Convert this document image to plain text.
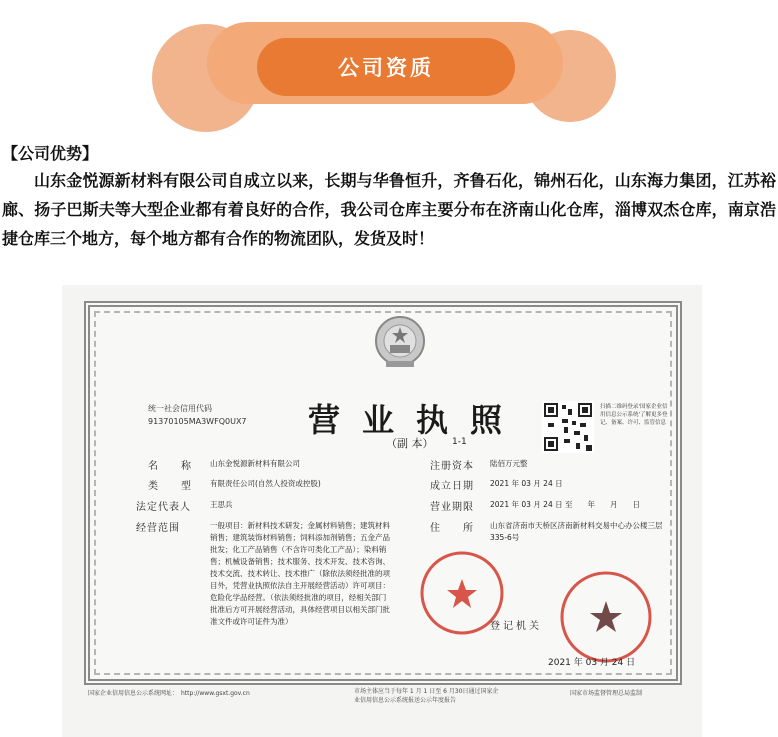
公司资质
【公司优势】
山东金悦源新材料有限公司自成立以来，长期与华鲁恒升，齐鲁石化，锦州石化，山东海力集团，江苏裕廊、扬子巴斯夫等大型企业都有着良好的合作，我公司仓库主要分布在济南山化仓库，淄博双杰仓库，南京浩捷仓库三个地方，每个地方都有合作的物流团队，发货及时！
统一社会信用代码
91370105MA3WFQ0UX7 营业执照
（副 本） 1-1
扫描二维码登录'国家企业信用信息公示系统'了解更多登记、备案、许可、监管信息
名　　称 山东金悦源新材料有限公司
类　　型 有限责任公司(自然人投资或控股)
法定代表人	王思兵
经营范围	一般项目：新材料技术研发；金属材料销售；建筑材料销售；建筑装饰材料销售；饲料添加剂销售；五金产品批发；化工产品销售（不含许可类化工产品）；染料销售；机械设备销售；技术服务、技术开发、技术咨询、技术交流、技术转让、技术推广（除依法须经批准的项目外，凭营业执照依法自主开展经营活动）许可项目：危险化学品经营。（依法须经批准的项目，经相关部门批准后方可开展经营活动，具体经营项目以相关部门批准文件或许可证件为准）
注册资本 陆佰万元整
成立日期 2021 年 03 月 24 日
营业期限 2021 年 03 月 24 日 至　　年　　月　　日
住　　所 山东省济南市天桥区济南新材料交易中心办公楼三层335-6号
登记机关
2021 年 03 月 24 日
国家企业信用信息公示系统网址：　http://www.gsxt.gov.cn	市场主体应当于每年 1 月 1 日至 6 月30日通过国家企业信用信息公示系统报送公示年度报告
国家市场监督管理总局监制
